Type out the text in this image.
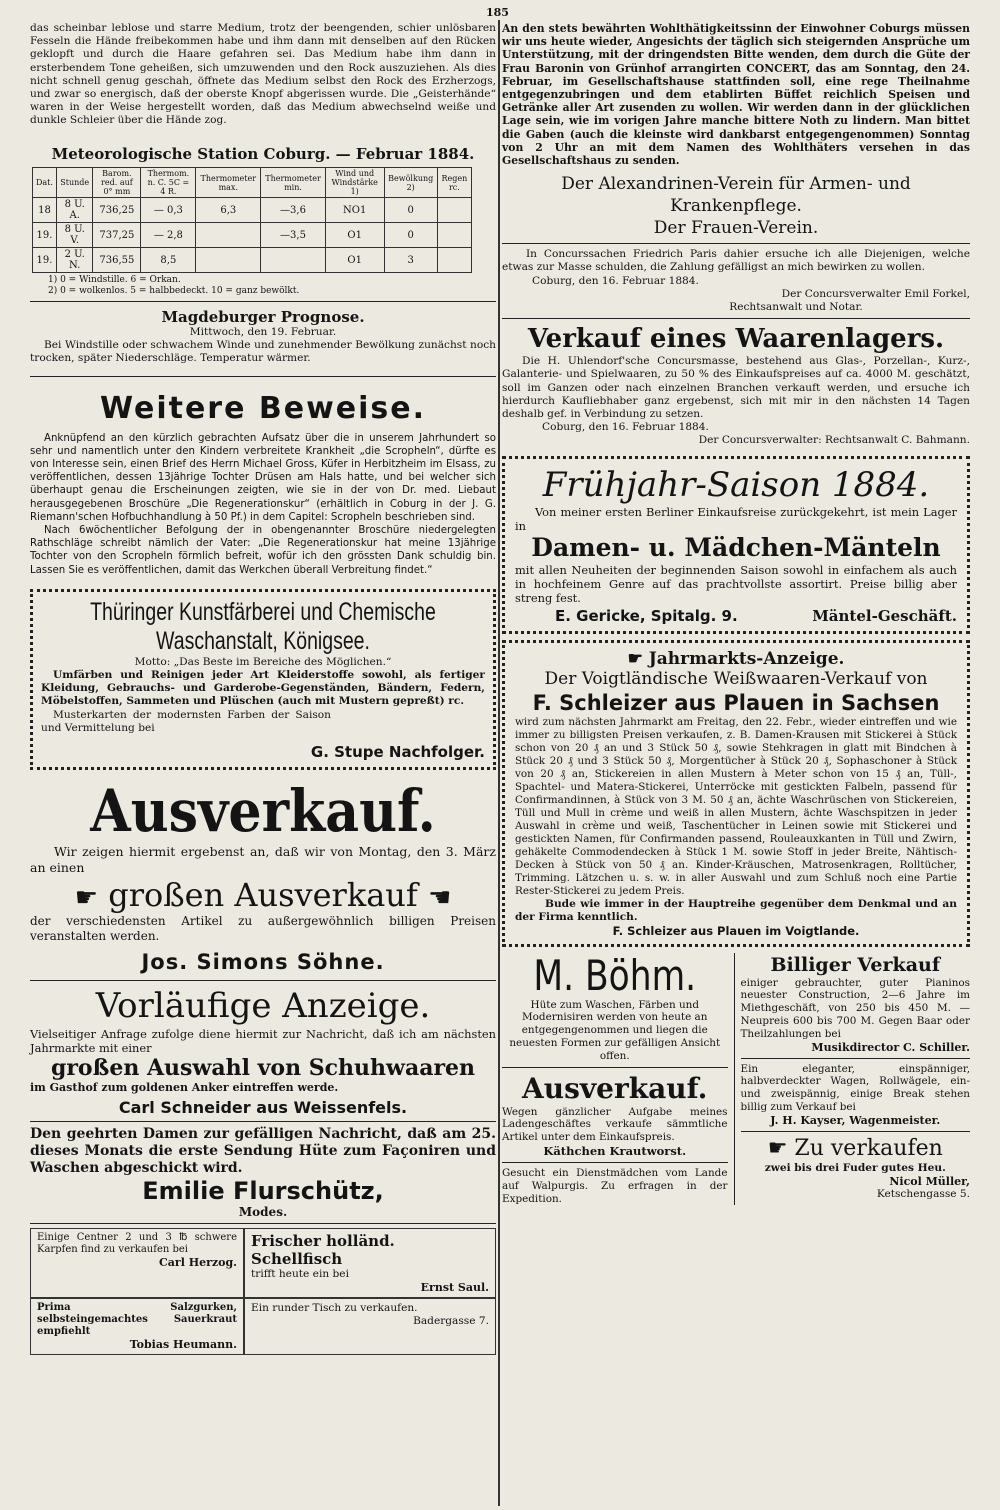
185

das scheinbar leblose und starre Medium, trotz der beengenden, schier unlösbaren Fesseln die Hände freibekommen habe und ihm dann mit denselben auf den Rücken geklopft und durch die Haare gefahren sei. Das Medium habe ihm dann in ersterbendem Tone geheißen, sich umzuwenden und den Rock auszuziehen. Als dies nicht schnell genug geschah, öffnete das Medium selbst den Rock des Erzherzogs, und zwar so energisch, daß der oberste Knopf abgerissen wurde. Die „Geisterhände“ waren in der Weise hergestellt worden, daß das Medium abwechselnd weiße und dunkle Schleier über die Hände zog.

Meteorologische Station Coburg. — Februar 1884.
Dat.	Stunde	Barom. red. auf 0° mm	Thermom. n. C. 5C = 4 R.	Thermometer max.	Thermometer min.	Wind und Windstärke 1)	Bewölkung 2)	Regen rc.
18	8 U. A.	736,25	— 0,3	6,3	—3,6	NO1	0	
19.	8 U. V.	737,25	— 2,8		—3,5	O1	0	
19.	2 U. N.	736,55	8,5			O1	3	
1) 0 = Windstille. 6 = Orkan.
2) 0 = wolkenlos. 5 = halbbedeckt. 10 = ganz bewölkt.
Magdeburger Prognose.
Mittwoch, den 19. Februar.

Bei Windstille oder schwachem Winde und zunehmender Bewölkung zunächst noch trocken, später Niederschläge. Temperatur wärmer.

Weitere Beweise.

Anknüpfend an den kürzlich gebrachten Aufsatz über die in unserem Jahrhundert so sehr und namentlich unter den Kindern verbreitete Krankheit „die Scropheln“, dürfte es von Interesse sein, einen Brief des Herrn Michael Gross, Küfer in Herbitzheim im Elsass, zu veröffentlichen, dessen 13jährige Tochter Drüsen am Hals hatte, und bei welcher sich überhaupt genau die Erscheinungen zeigten, wie sie in der von Dr. med. Liebaut herausgegebenen Broschüre „Die Regenerationskur“ (erhältlich in Coburg in der J. G. Riemann'schen Hofbuchhandlung à 50 Pf.) in dem Capitel: Scropheln beschrieben sind.

Nach 6wöchentlicher Befolgung der in obengenannter Broschüre niedergelegten Rathschläge schreibt nämlich der Vater: „Die Regenerationskur hat meine 13jährige Tochter von den Scropheln förmlich befreit, wofür ich den grössten Dank schuldig bin. Lassen Sie es veröffentlichen, damit das Werkchen überall Verbreitung findet.“

Thüringer Kunstfärberei und Chemische
Waschanstalt, Königsee.
Motto: „Das Beste im Bereiche des Möglichen.“

Umfärben und Reinigen jeder Art Kleiderstoffe sowohl, als fertiger Kleidung, Gebrauchs- und Garderobe-Gegenständen, Bändern, Federn, Möbelstoffen, Sammeten und Plüschen (auch mit Mustern gepreßt) rc.

Musterkarten der modernsten Farben der Saison und Vermittelung bei

G. Stupe Nachfolger.
Ausverkauf.

Wir zeigen hiermit ergebenst an, daß wir von Montag, den 3. März an einen

☛ großen Ausverkauf ☛

der verschiedensten Artikel zu außergewöhnlich billigen Preisen veranstalten werden.

Jos. Simons Söhne.
Vorläufige Anzeige.

Vielseitiger Anfrage zufolge diene hiermit zur Nachricht, daß ich am nächsten Jahrmarkte mit einer

großen Auswahl von Schuhwaaren

im Gasthof zum goldenen Anker eintreffen werde.

Carl Schneider aus Weissenfels.

Den geehrten Damen zur gefälligen Nachricht, daß am 25. dieses Monats die erste Sendung Hüte zum Façoniren und Waschen abgeschickt wird.

Emilie Flurschütz,
Modes.

Einige Centner 2 und 3 ℔ schwere Karpfen find zu verkaufen bei

Carl Herzog.
Frischer holländ. Schellfisch
trifft heute ein bei
Ernst Saul.

Prima Salzgurken, selbsteingemachtes Sauerkraut empfiehlt

Tobias Heumann.
Ein runder Tisch zu verkaufen.
Badergasse 7.

An den stets bewährten Wohlthätigkeitssinn der Einwohner Coburgs müssen wir uns heute wieder, Angesichts der täglich sich steigernden Ansprüche um Unterstützung, mit der dringendsten Bitte wenden, dem durch die Güte der Frau Baronin von Grünhof arrangirten CONCERT, das am Sonntag, den 24. Februar, im Gesellschaftshause stattfinden soll, eine rege Theilnahme entgegenzubringen und dem etablirten Büffet reichlich Speisen und Getränke aller Art zusenden zu wollen. Wir werden dann in der glücklichen Lage sein, wie im vorigen Jahre manche bittere Noth zu lindern. Man bittet die Gaben (auch die kleinste wird dankbarst entgegengenommen) Sonntag von 2 Uhr an mit dem Namen des Wohlthäters versehen in das Gesellschaftshaus zu senden.

Der Alexandrinen-Verein für Armen- und Krankenpflege.
Der Frauen-Verein.

In Concurssachen Friedrich Paris dahier ersuche ich alle Diejenigen, welche etwas zur Masse schulden, die Zahlung gefälligst an mich bewirken zu wollen.

Coburg, den 16. Februar 1884.
Der Concursverwalter Emil Forkel,
Rechtsanwalt und Notar.
Verkauf eines Waarenlagers.

Die H. Uhlendorf'sche Concursmasse, bestehend aus Glas-, Porzellan-, Kurz-, Galanterie- und Spielwaaren, zu 50 % des Einkaufspreises auf ca. 4000 M. geschätzt, soll im Ganzen oder nach einzelnen Branchen verkauft werden, und ersuche ich hierdurch Kaufliebhaber ganz ergebenst, sich mit mir in den nächsten 14 Tagen deshalb gef. in Verbindung zu setzen.

Coburg, den 16. Februar 1884.
Der Concursverwalter: Rechtsanwalt C. Bahmann.
Frühjahr-Saison 1884.

Von meiner ersten Berliner Einkaufsreise zurückgekehrt, ist mein Lager in

Damen- u. Mädchen-Mänteln

mit allen Neuheiten der beginnenden Saison sowohl in einfachem als auch in hochfeinem Genre auf das prachtvollste assortirt. Preise billig aber streng fest.

E. Gericke, Spitalg. 9.	Mäntel-Geschäft.
☛ Jahrmarkts-Anzeige.
Der Voigtländische Weißwaaren-Verkauf von
F. Schleizer aus Plauen in Sachsen

wird zum nächsten Jahrmarkt am Freitag, den 22. Febr., wieder eintreffen und wie immer zu billigsten Preisen verkaufen, z. B. Damen-Krausen mit Stickerei à Stück schon von 20 ₰ an und 3 Stück 50 ₰, sowie Stehkragen in glatt mit Bindchen à Stück 20 ₰ und 3 Stück 50 ₰, Morgentücher à Stück 20 ₰, Sophaschoner à Stück von 20 ₰ an, Stickereien in allen Mustern à Meter schon von 15 ₰ an, Tüll-, Spachtel- und Matera-Stickerei, Unterröcke mit gestickten Falbeln, passend für Confirmandinnen, à Stück von 3 M. 50 ₰ an, ächte Waschrüschen von Stickereien, Tüll und Mull in crème und weiß in allen Mustern, ächte Waschspitzen in jeder Auswahl in crème und weiß, Taschentücher in Leinen sowie mit Stickerei und gestickten Namen, für Confirmanden passend, Rouleauxkanten in Tüll und Zwirn, gehäkelte Commodendecken à Stück 1 M. sowie Stoff in jeder Breite, Nähtisch-Decken à Stück von 50 ₰ an. Kinder-Kräuschen, Matrosenkragen, Rolltücher, Trimming. Lätzchen u. s. w. in aller Auswahl und zum Schluß noch eine Partie Rester-Stickerei zu jedem Preis.

Bude wie immer in der Hauptreihe gegenüber dem Denkmal und an der Firma kenntlich.

F. Schleizer aus Plauen im Voigtlande.
M. Böhm.

Hüte zum Waschen, Färben und Modernisiren werden von heute an entgegengenommen und liegen die neuesten Formen zur gefälligen Ansicht offen.

Ausverkauf.

Wegen gänzlicher Aufgabe meines Ladengeschäftes verkaufe sämmtliche Artikel unter dem Einkaufspreis.

Käthchen Krautworst.

Gesucht ein Dienstmädchen vom Lande auf Walpurgis. Zu erfragen in der Expedition.

Billiger Verkauf

einiger gebrauchter, guter Pianinos neuester Construction, 2—6 Jahre im Miethgeschäft, von 250 bis 450 M. — Neupreis 600 bis 700 M. Gegen Baar oder Theilzahlungen bei

Musikdirector C. Schiller.

Ein eleganter, einspänniger, halbverdeckter Wagen, Rollwägele, ein- und zweispännig, einige Break stehen billig zum Verkauf bei

J. H. Kayser, Wagenmeister.
☛ Zu verkaufen
zwei bis drei Fuder gutes Heu.
Nicol Müller,
Ketschengasse 5.
